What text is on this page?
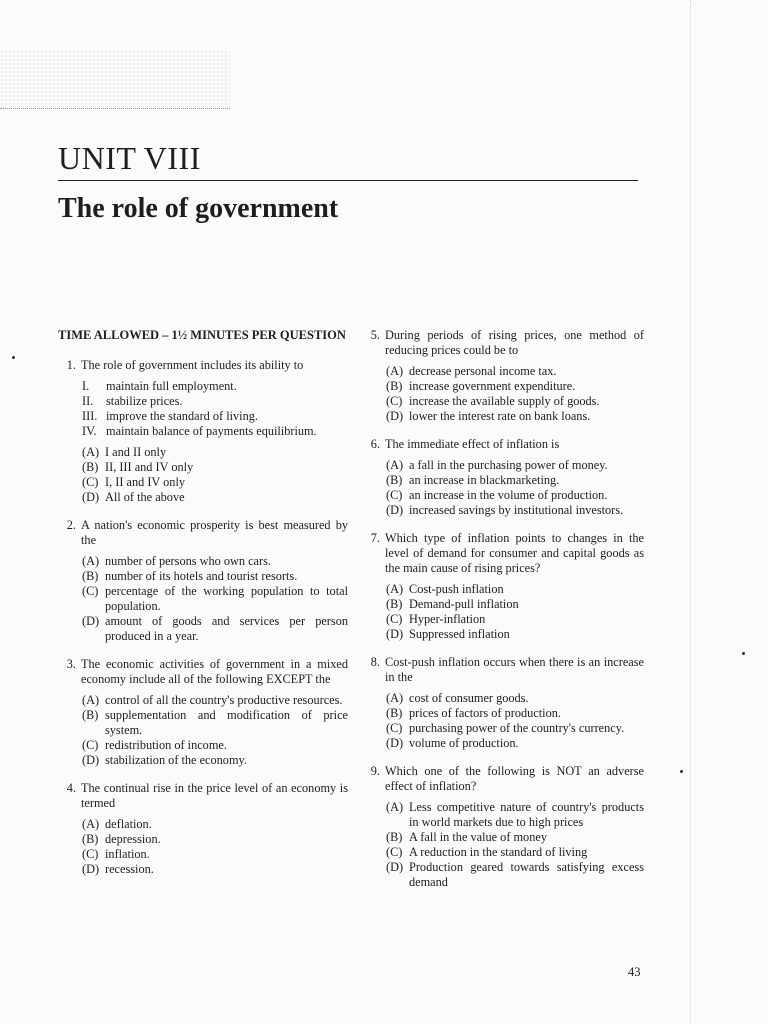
UNIT VIII
The role of government
TIME ALLOWED – 1½ MINUTES PER QUESTION
1. The role of government includes its ability to
I.	maintain full employment.
II.	stabilize prices.
III. improve the standard of living.
IV. maintain balance of payments equilibrium.
(A) I and II only
(B) II, III and IV only
(C) I, II and IV only
(D) All of the above
2. A nation's economic prosperity is best measured by the
(A) number of persons who own cars.
(B) number of its hotels and tourist resorts.
(C) percentage of the working population to total population.
(D) amount of goods and services per person produced in a year.
3. The economic activities of government in a mixed economy include all of the following EXCEPT the
(A) control of all the country's productive resources.
(B) supplementation and modification of price system.
(C) redistribution of income.
(D) stabilization of the economy.
4. The continual rise in the price level of an economy is termed
(A) deflation.
(B) depression.
(C) inflation.
(D) recession.
5. During periods of rising prices, one method of reducing prices could be to
(A) decrease personal income tax.
(B) increase government expenditure.
(C) increase the available supply of goods.
(D) lower the interest rate on bank loans.
6. The immediate effect of inflation is
(A) a fall in the purchasing power of money.
(B) an increase in blackmarketing.
(C) an increase in the volume of production.
(D) increased savings by institutional investors.
7. Which type of inflation points to changes in the level of demand for consumer and capital goods as the main cause of rising prices?
(A) Cost-push inflation
(B) Demand-pull inflation
(C) Hyper-inflation
(D) Suppressed inflation
8. Cost-push inflation occurs when there is an increase in the
(A) cost of consumer goods.
(B) prices of factors of production.
(C) purchasing power of the country's currency.
(D) volume of production.
9. Which one of the following is NOT an adverse effect of inflation?
(A) Less competitive nature of country's products in world markets due to high prices
(B) A fall in the value of money
(C) A reduction in the standard of living
(D) Production geared towards satisfying excess demand
43
